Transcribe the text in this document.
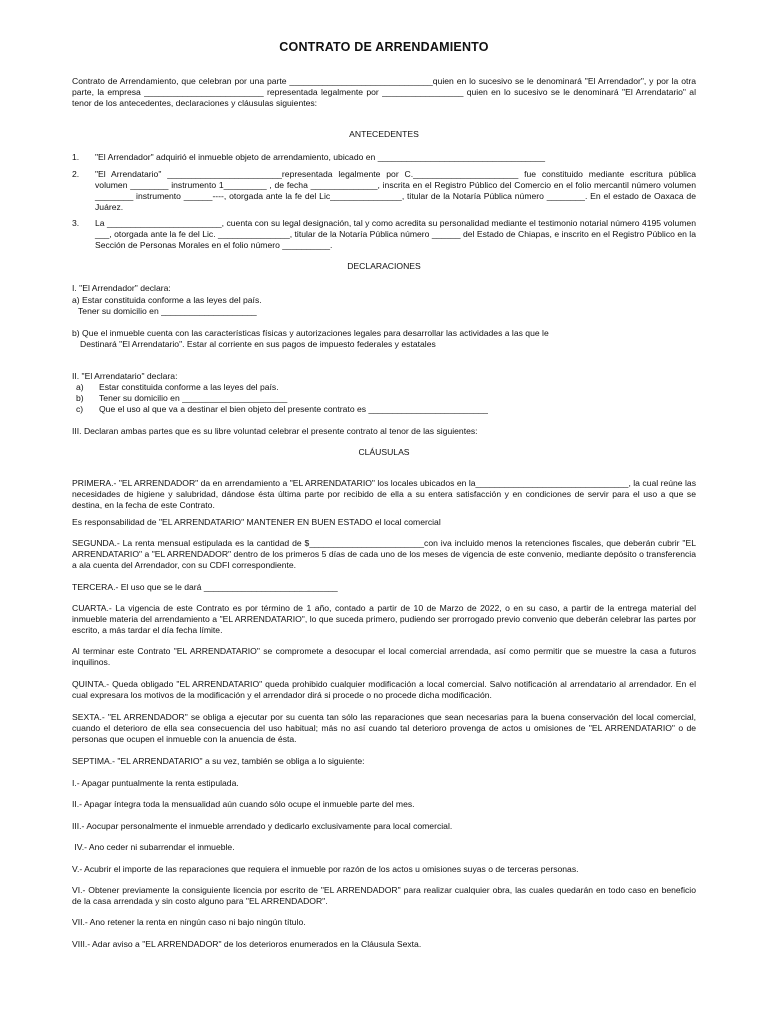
CONTRATO DE ARRENDAMIENTO

Contrato de Arrendamiento, que celebran por una parte ______________________________quien en lo sucesivo se le denominará "El Arrendador", y por la otra parte, la empresa _________________________ representada legalmente por _________________ quien en lo sucesivo se le denominará "El Arrendatario" al tenor de los antecedentes, declaraciones y cláusulas siguientes:

ANTECEDENTES
1. "El Arrendador" adquirió el inmueble objeto de arrendamiento, ubicado en ___________________________________

2. "El Arrendatario" ________________________representada legalmente por C.______________________ fue constituido mediante escritura pública volumen ________ instrumento 1_________ , de fecha ______________, inscrita en el Registro Público del Comercio en el folio mercantil número volumen ________ instrumento ______----, otorgada ante la fe del Lic_______________, titular de la Notaría Pública número ________. En el estado de Oaxaca de Juárez.

3. La ________________________, cuenta con su legal designación, tal y como acredita su personalidad mediante el testimonio notarial número 4195 volumen ___, otorgada ante la fe del Lic. _______________, titular de la Notaría Pública número ______ del Estado de Chiapas, e inscrito en el Registro Público en la Sección de Personas Morales en el folio número __________.

DECLARACIONES
I. "El Arrendador" declara:
a) Estar constituida conforme a las leyes del país.
Tener su domicilio en ____________________
b) Que el inmueble cuenta con las características físicas y autorizaciones legales para desarrollar las actividades a las que le
Destinará "El Arrendatario". Estar al corriente en sus pagos de impuesto federales y estatales
II. "El Arrendatario" declara:
a) Estar constituida conforme a las leyes del país.
b) Tener su domicilio en ______________________
c) Que el uso al que va a destinar el bien objeto del presente contrato es _________________________
III. Declaran ambas partes que es su libre voluntad celebrar el presente contrato al tenor de las siguientes:
CLÁUSULAS

PRIMERA.- "EL ARRENDADOR" da en arrendamiento a "EL ARRENDATARIO" los locales ubicados en la________________________________, la cual reúne las necesidades de higiene y salubridad, dándose ésta última parte por recibido de ella a su entera satisfacción y en condiciones de servir para el uso a que se destina, en la fecha de este Contrato.

Es responsabilidad de "EL ARRENDATARIO" MANTENER EN BUEN ESTADO el local comercial

SEGUNDA.- La renta mensual estipulada es la cantidad de $________________________con iva incluido menos la retenciones fiscales, que deberán cubrir "EL ARRENDATARIO" a "EL ARRENDADOR" dentro de los primeros 5 días de cada uno de los meses de vigencia de este convenio, mediante depósito o transferencia a ala cuenta del Arrendador, con su CDFI correspondiente.

TERCERA.- El uso que se le dará ____________________________

CUARTA.- La vigencia de este Contrato es por término de 1 año, contado a partir de 10 de Marzo de 2022, o en su caso, a partir de la entrega material del inmueble materia del arrendamiento a "EL ARRENDATARIO", lo que suceda primero, pudiendo ser prorrogado previo convenio que deberán celebrar las partes por escrito, a más tardar el día fecha límite.

Al terminar este Contrato "EL ARRENDATARIO" se compromete a desocupar el local comercial arrendada, así como permitir que se muestre la casa a futuros inquilinos.

QUINTA.- Queda obligado "EL ARRENDATARIO" queda prohibido cualquier modificación a local comercial. Salvo notificación al arrendatario al arrendador. En el cual expresara los motivos de la modificación y el arrendador dirá si procede o no procede dicha modificación.

SEXTA.- "EL ARRENDADOR" se obliga a ejecutar por su cuenta tan sólo las reparaciones que sean necesarias para la buena conservación del local comercial, cuando el deterioro de ella sea consecuencia del uso habitual; más no así cuando tal deterioro provenga de actos u omisiones de "EL ARRENDATARIO" o de personas que ocupen el inmueble con la anuencia de ésta.

SEPTIMA.- "EL ARRENDATARIO" a su vez, también se obliga a lo siguiente:
I.- Apagar puntualmente la renta estipulada.
II.- Apagar íntegra toda la mensualidad aún cuando sólo ocupe el inmueble parte del mes.
III.- Aocupar personalmente el inmueble arrendado y dedicarlo exclusivamente para local comercial.
IV.- Ano ceder ni subarrendar el inmueble.
V.- Acubrir el importe de las reparaciones que requiera el inmueble por razón de los actos u omisiones suyas o de terceras personas.

VI.- Obtener previamente la consiguiente licencia por escrito de "EL ARRENDADOR" para realizar cualquier obra, las cuales quedarán en todo caso en beneficio de la casa arrendada y sin costo alguno para "EL ARRENDADOR".

VII.- Ano retener la renta en ningún caso ni bajo ningún título.
VIII.- Adar aviso a "EL ARRENDADOR" de los deterioros enumerados en la Cláusula Sexta.
